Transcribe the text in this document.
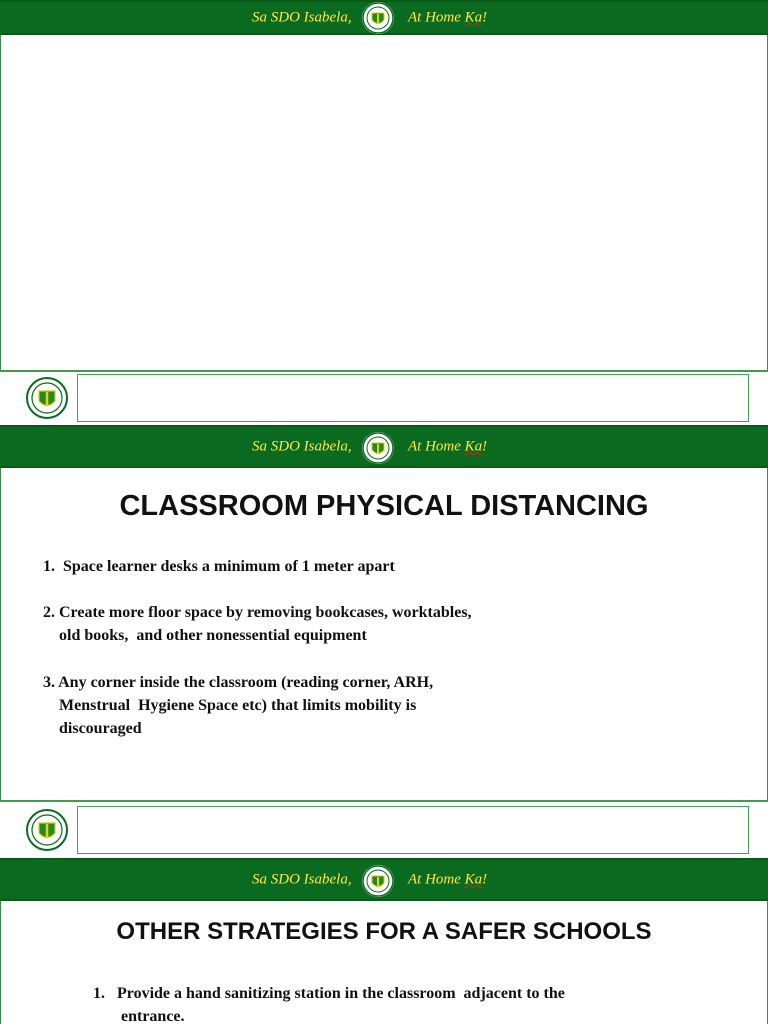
Sa SDO Isabela,	At Home Ka!
Sa SDO Isabela,	At Home Ka!
CLASSROOM PHYSICAL DISTANCING
1.  Space learner desks a minimum of 1 meter apart
2. Create more floor space by removing bookcases, worktables,
old books,  and other nonessential equipment
3. Any corner inside the classroom (reading corner, ARH,
Menstrual  Hygiene Space etc) that limits mobility is
discouraged
Sa SDO Isabela,	At Home Ka!
OTHER STRATEGIES FOR A SAFER SCHOOLS
1.   Provide a hand sanitizing station in the classroom  adjacent to the
entrance.
